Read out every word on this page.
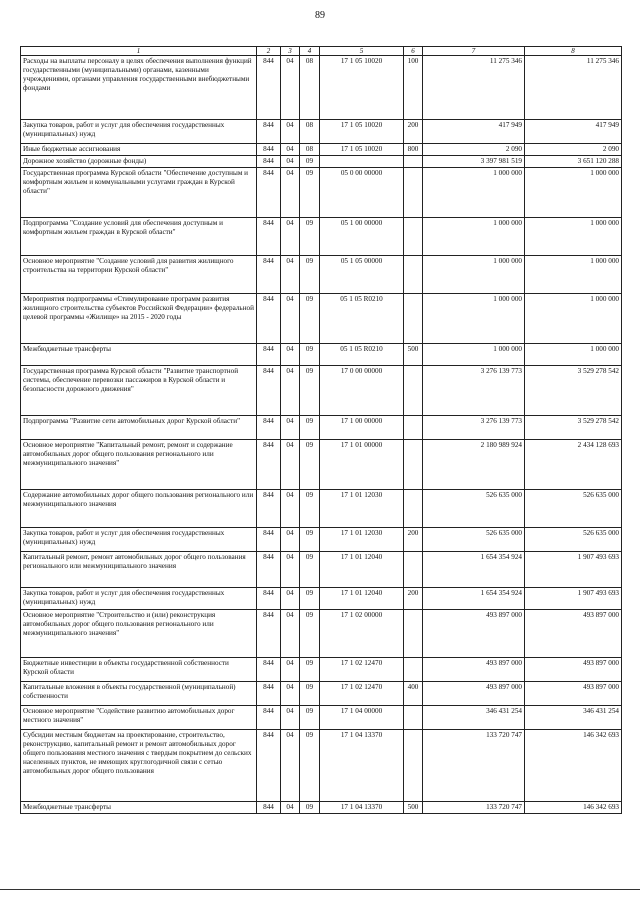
89
1	2	3	4	5	6	7	8
Расходы на выплаты персоналу в целях обеспечения выполнения функций государственными (муниципальными) органами, казенными учреждениями, органами управления государственными внебюджетными фондами	844	04	08	17 1 05 10020	100	11 275 346	11 275 346
Закупка товаров, работ и услуг для обеспечения государственных (муниципальных) нужд	844	04	08	17 1 05 10020	200	417 949	417 949
Иные бюджетные ассигнования	844	04	08	17 1 05 10020	800	2 090	2 090
Дорожное хозяйство (дорожные фонды)	844	04	09			3 397 981 519	3 651 120 288
Государственная программа Курской области "Обеспечение доступным и комфортным жильем и коммунальными услугами граждан в Курской области"	844	04	09	05 0 00 00000		1 000 000	1 000 000
Подпрограмма "Создание условий для обеспечения доступным и комфортным жильем граждан в Курской области"	844	04	09	05 1 00 00000		1 000 000	1 000 000
Основное мероприятие "Создание условий для развития жилищного строительства на территории Курской области"	844	04	09	05 1 05 00000		1 000 000	1 000 000
Мероприятия подпрограммы «Стимулирование программ развития жилищного строительства субъектов Российской Федерации» федеральной целевой программы «Жилище» на 2015 - 2020 годы	844	04	09	05 1 05 R0210		1 000 000	1 000 000
Межбюджетные трансферты	844	04	09	05 1 05 R0210	500	1 000 000	1 000 000
Государственная программа Курской области "Развитие транспортной системы, обеспечение перевозки пассажиров в Курской области и безопасности дорожного движения"	844	04	09	17 0 00 00000		3 276 139 773	3 529 278 542
Подпрограмма "Развитие сети автомобильных дорог Курской области"	844	04	09	17 1 00 00000		3 276 139 773	3 529 278 542
Основное мероприятие "Капитальный ремонт, ремонт и содержание автомобильных дорог общего пользования регионального или межмуниципального значения"	844	04	09	17 1 01 00000		2 180 989 924	2 434 128 693
Содержание автомобильных дорог общего пользования регионального или межмуниципального значения	844	04	09	17 1 01 12030		526 635 000	526 635 000
Закупка товаров, работ и услуг для обеспечения государственных (муниципальных) нужд	844	04	09	17 1 01 12030	200	526 635 000	526 635 000
Капитальный ремонт, ремонт автомобильных дорог общего пользования регионального или межмуниципального значения	844	04	09	17 1 01 12040		1 654 354 924	1 907 493 693
Закупка товаров, работ и услуг для обеспечения государственных (муниципальных) нужд	844	04	09	17 1 01 12040	200	1 654 354 924	1 907 493 693
Основное мероприятие "Строительство и (или) реконструкция автомобильных дорог общего пользования регионального или межмуниципального значения"	844	04	09	17 1 02 00000		493 897 000	493 897 000
Бюджетные инвестиции в объекты государственной собственности Курской области	844	04	09	17 1 02 12470		493 897 000	493 897 000
Капитальные вложения в объекты государственной (муниципальной) собственности	844	04	09	17 1 02 12470	400	493 897 000	493 897 000
Основное мероприятие "Содействие развитию автомобильных дорог местного значения"	844	04	09	17 1 04 00000		346 431 254	346 431 254
Субсидии местным бюджетам на проектирование, строительство, реконструкцию, капитальный ремонт и ремонт автомобильных дорог общего пользования местного значения с твердым покрытием до сельских населенных пунктов, не имеющих круглогодичной связи с сетью автомобильных дорог общего пользования	844	04	09	17 1 04 13370		133 720 747	146 342 693
Межбюджетные трансферты	844	04	09	17 1 04 13370	500	133 720 747	146 342 693
